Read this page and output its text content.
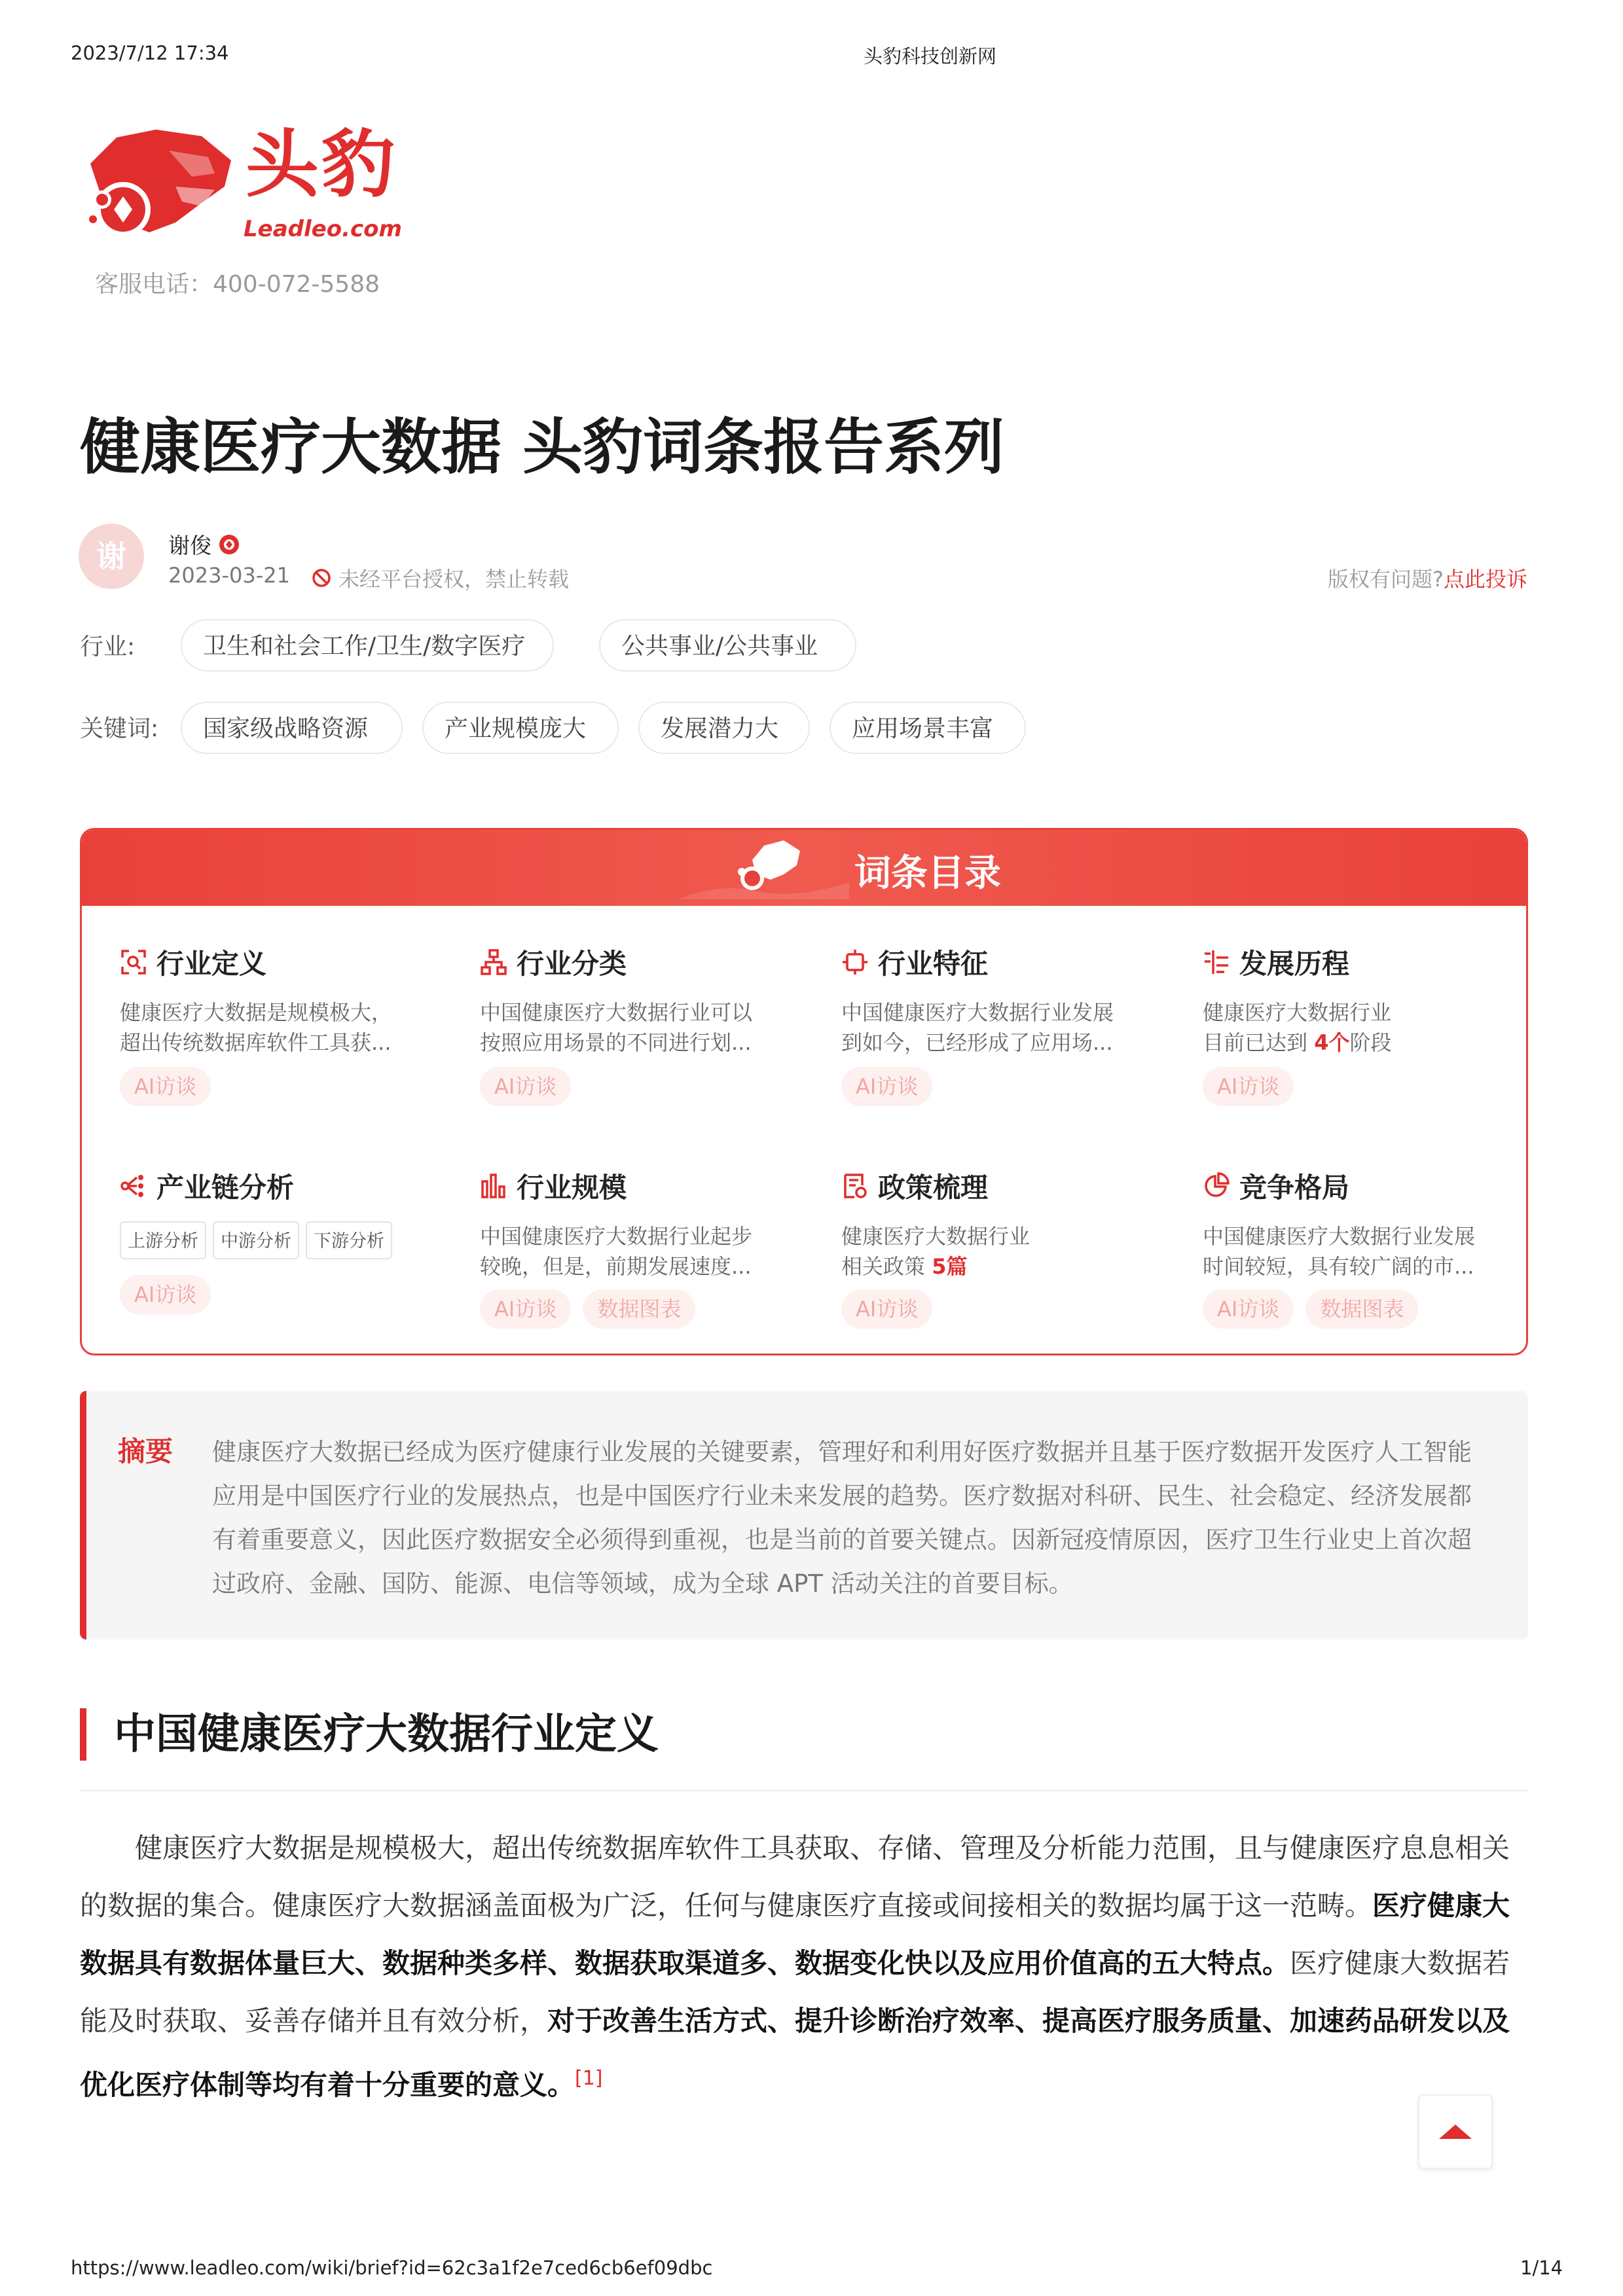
2023/7/12 17:34	头豹科技创新网
头豹
Leadleo.com
客服电话：400-072-5588
健康医疗大数据 头豹词条报告系列
谢	谢俊
2023-03-21 未经平台授权，禁止转载	版权有问题?点此投诉
行业:	卫生和社会工作/卫生/数字医疗	公共事业/公共事业
关键词:	国家级战略资源	产业规模庞大	发展潜力大	应用场景丰富
词条目录
行业定义
健康医疗大数据是规模极大，
超出传统数据库软件工具获...
AI访谈
行业分类
中国健康医疗大数据行业可以
按照应用场景的不同进行划...
AI访谈
行业特征
中国健康医疗大数据行业发展
到如今，已经形成了应用场...
AI访谈
发展历程
健康医疗大数据行业
目前已达到 4个阶段
AI访谈
产业链分析
上游分析 中游分析 下游分析
AI访谈
行业规模
中国健康医疗大数据行业起步
较晚，但是，前期发展速度...
AI访谈	数据图表
政策梳理
健康医疗大数据行业
相关政策 5篇
AI访谈
竞争格局
中国健康医疗大数据行业发展
时间较短，具有较广阔的市...
AI访谈	数据图表
摘要 健康医疗大数据已经成为医疗健康行业发展的关键要素，管理好和利用好医疗数据并且基于医疗数据开发医疗人工智能应用是中国医疗行业的发展热点，也是中国医疗行业未来发展的趋势。医疗数据对科研、民生、社会稳定、经济发展都有着重要意义，因此医疗数据安全必须得到重视，也是当前的首要关键点。因新冠疫情原因，医疗卫生行业史上首次超过政府、金融、国防、能源、电信等领域，成为全球 APT 活动关注的首要目标。
中国健康医疗大数据行业定义
健康医疗大数据是规模极大，超出传统数据库软件工具获取、存储、管理及分析能力范围，且与健康医疗息息相关的数据的集合。健康医疗大数据涵盖面极为广泛，任何与健康医疗直接或间接相关的数据均属于这一范畴。医疗健康大数据具有数据体量巨大、数据种类多样、数据获取渠道多、数据变化快以及应用价值高的五大特点。医疗健康大数据若能及时获取、妥善存储并且有效分析，对于改善生活方式、提升诊断治疗效率、提高医疗服务质量、加速药品研发以及优化医疗体制等均有着十分重要的意义。[1]
https://www.leadleo.com/wiki/brief?id=62c3a1f2e7ced6cb6ef09dbc	1/14
